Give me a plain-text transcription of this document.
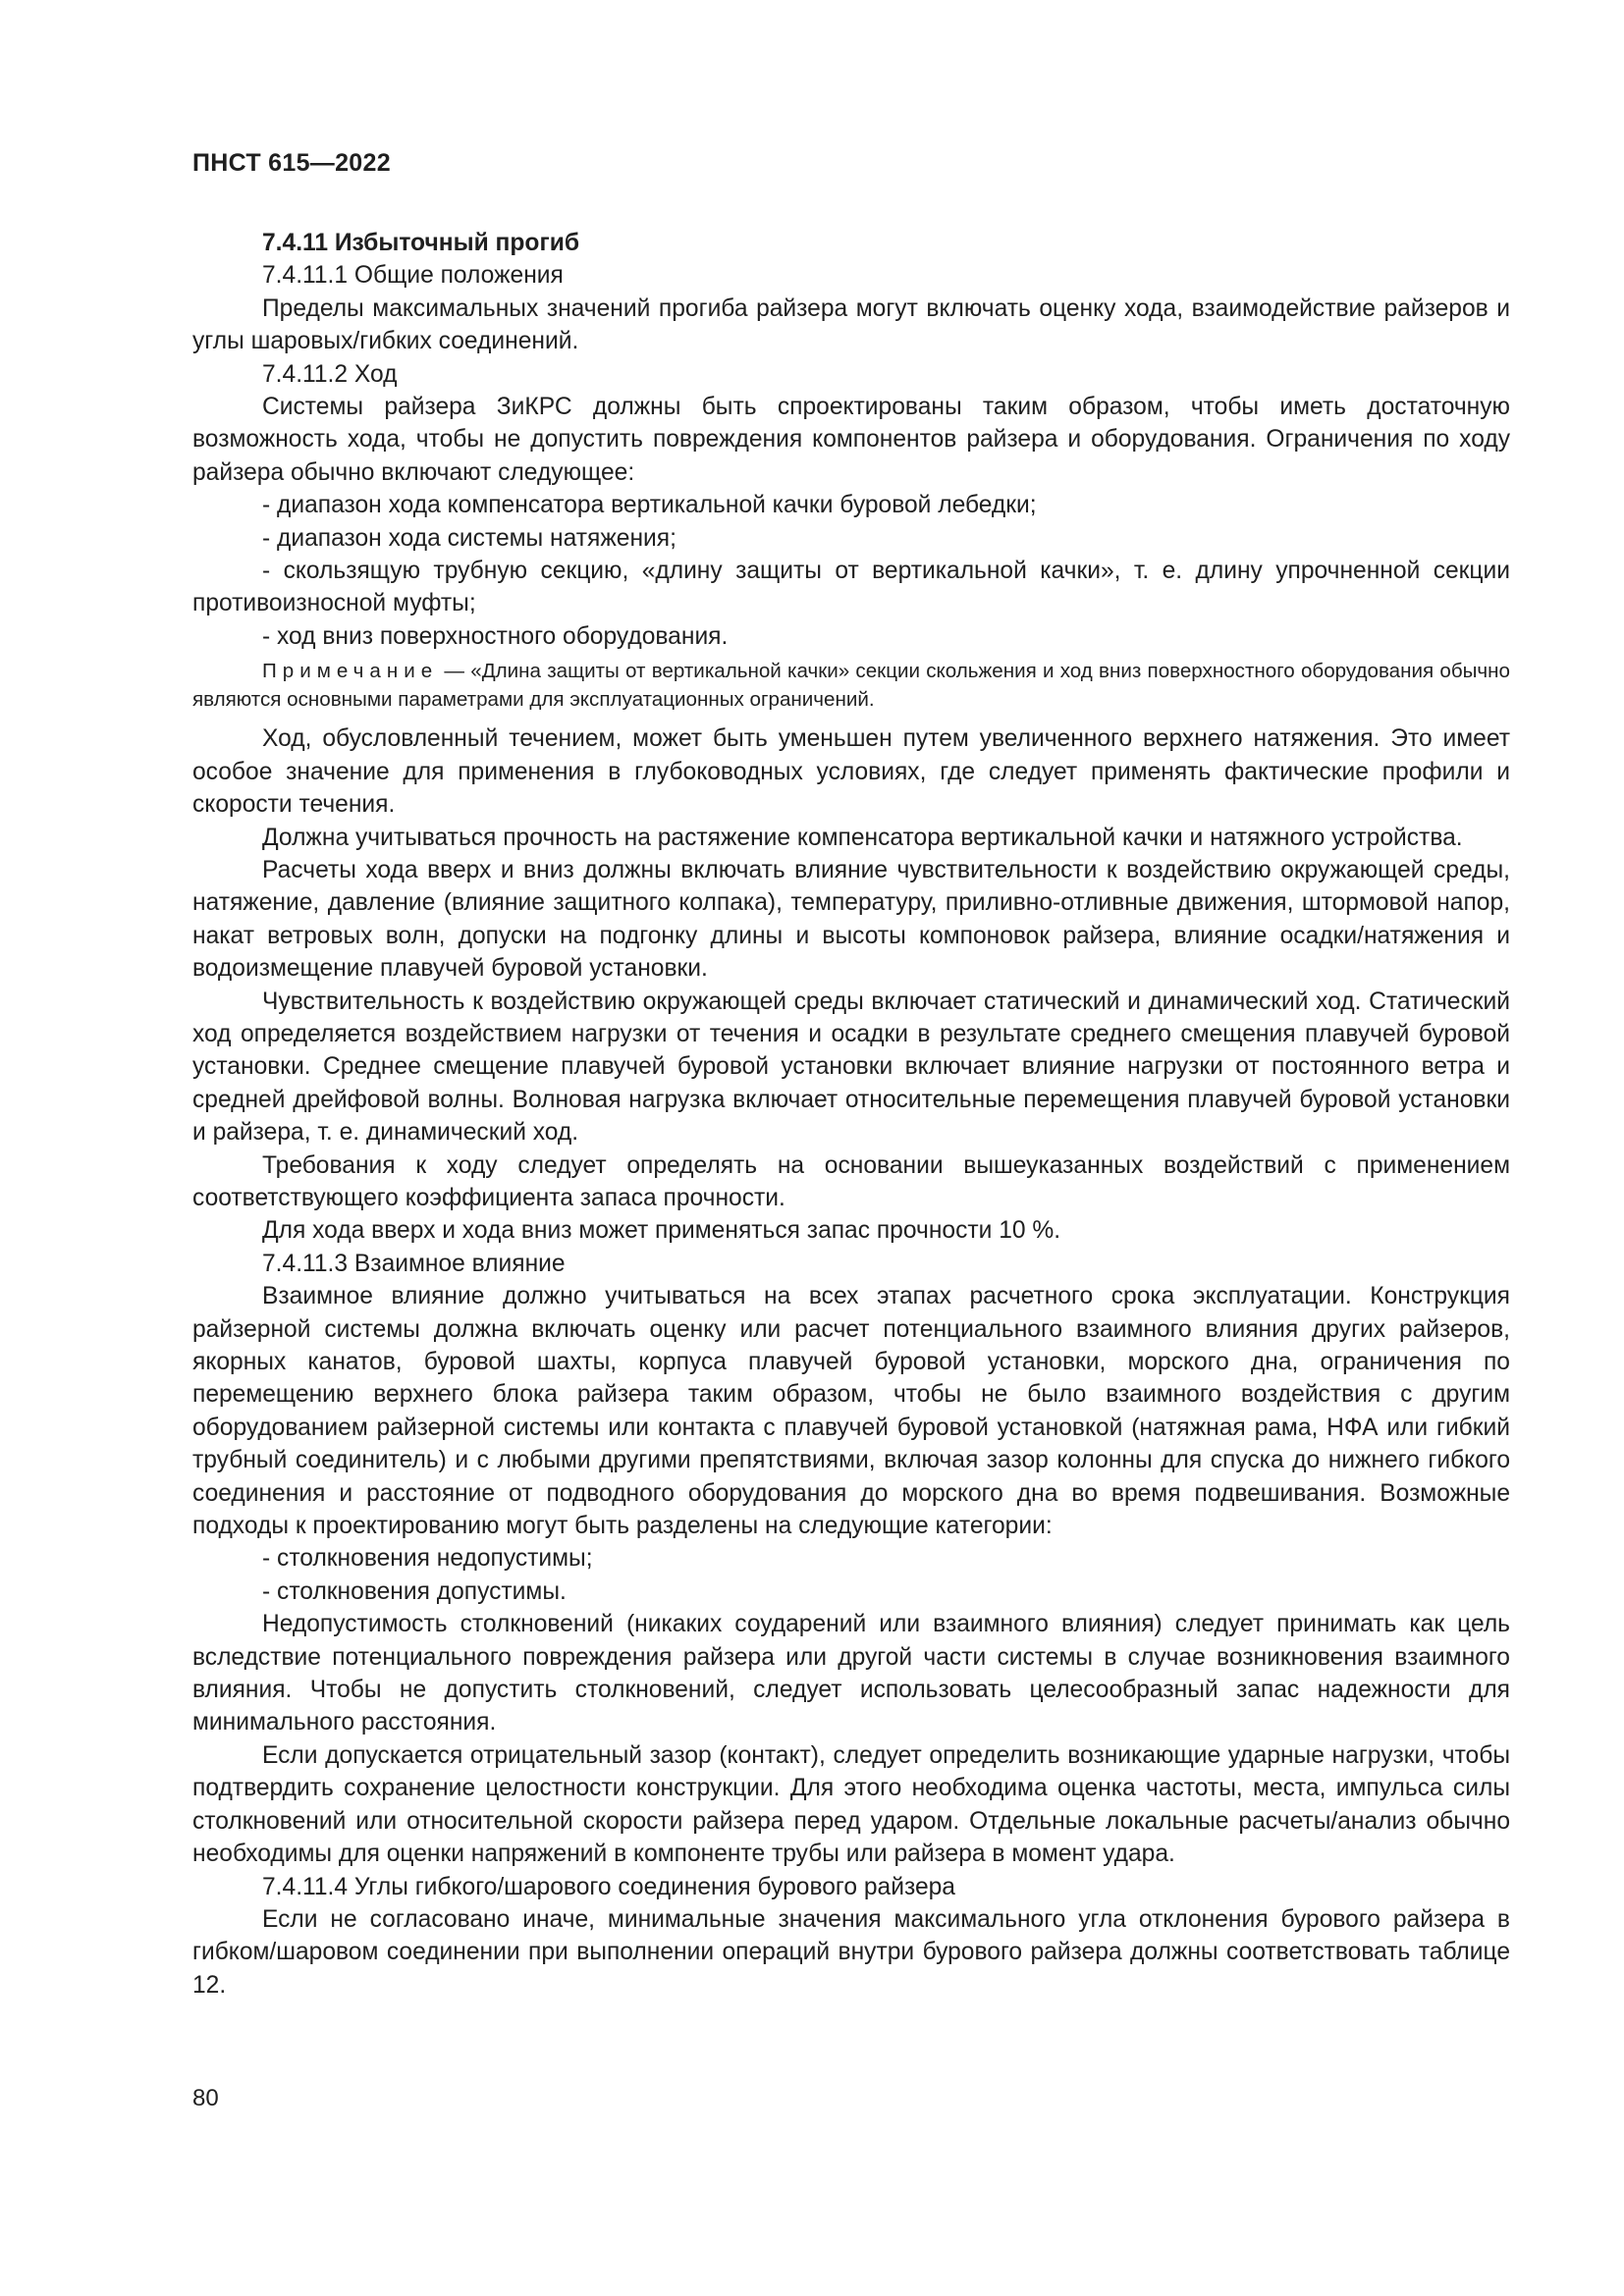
ПНСТ 615—2022

7.4.11 Избыточный прогиб

7.4.11.1 Общие положения

Пределы максимальных значений прогиба райзера могут включать оценку хода, взаимодействие райзеров и углы шаровых/гибких соединений.

7.4.11.2 Ход

Системы райзера ЗиКРС должны быть спроектированы таким образом, чтобы иметь достаточную возможность хода, чтобы не допустить повреждения компонентов райзера и оборудования. Ограничения по ходу райзера обычно включают следующее:

- диапазон хода компенсатора вертикальной качки буровой лебедки;

- диапазон хода системы натяжения;

- скользящую трубную секцию, «длину защиты от вертикальной качки», т. е. длину упрочненной секции противоизносной муфты;

- ход вниз поверхностного оборудования.

Примечание — «Длина защиты от вертикальной качки» секции скольжения и ход вниз поверхностного оборудования обычно являются основными параметрами для эксплуатационных ограничений.

Ход, обусловленный течением, может быть уменьшен путем увеличенного верхнего натяжения. Это имеет особое значение для применения в глубоководных условиях, где следует применять фактические профили и скорости течения.

Должна учитываться прочность на растяжение компенсатора вертикальной качки и натяжного устройства.

Расчеты хода вверх и вниз должны включать влияние чувствительности к воздействию окружающей среды, натяжение, давление (влияние защитного колпака), температуру, приливно-отливные движения, штормовой напор, накат ветровых волн, допуски на подгонку длины и высоты компоновок райзера, влияние осадки/натяжения и водоизмещение плавучей буровой установки.

Чувствительность к воздействию окружающей среды включает статический и динамический ход. Статический ход определяется воздействием нагрузки от течения и осадки в результате среднего смещения плавучей буровой установки. Среднее смещение плавучей буровой установки включает влияние нагрузки от постоянного ветра и средней дрейфовой волны. Волновая нагрузка включает относительные перемещения плавучей буровой установки и райзера, т. е. динамический ход.

Требования к ходу следует определять на основании вышеуказанных воздействий с применением соответствующего коэффициента запаса прочности.

Для хода вверх и хода вниз может применяться запас прочности 10 %.

7.4.11.3 Взаимное влияние

Взаимное влияние должно учитываться на всех этапах расчетного срока эксплуатации. Конструкция райзерной системы должна включать оценку или расчет потенциального взаимного влияния других райзеров, якорных канатов, буровой шахты, корпуса плавучей буровой установки, морского дна, ограничения по перемещению верхнего блока райзера таким образом, чтобы не было взаимного воздействия с другим оборудованием райзерной системы или контакта с плавучей буровой установкой (натяжная рама, НФА или гибкий трубный соединитель) и с любыми другими препятствиями, включая зазор колонны для спуска до нижнего гибкого соединения и расстояние от подводного оборудования до морского дна во время подвешивания. Возможные подходы к проектированию могут быть разделены на следующие категории:

- столкновения недопустимы;

- столкновения допустимы.

Недопустимость столкновений (никаких соударений или взаимного влияния) следует принимать как цель вследствие потенциального повреждения райзера или другой части системы в случае возникновения взаимного влияния. Чтобы не допустить столкновений, следует использовать целесообразный запас надежности для минимального расстояния.

Если допускается отрицательный зазор (контакт), следует определить возникающие ударные нагрузки, чтобы подтвердить сохранение целостности конструкции. Для этого необходима оценка частоты, места, импульса силы столкновений или относительной скорости райзера перед ударом. Отдельные локальные расчеты/анализ обычно необходимы для оценки напряжений в компоненте трубы или райзера в момент удара.

7.4.11.4 Углы гибкого/шарового соединения бурового райзера

Если не согласовано иначе, минимальные значения максимального угла отклонения бурового райзера в гибком/шаровом соединении при выполнении операций внутри бурового райзера должны соответствовать таблице 12.

80
